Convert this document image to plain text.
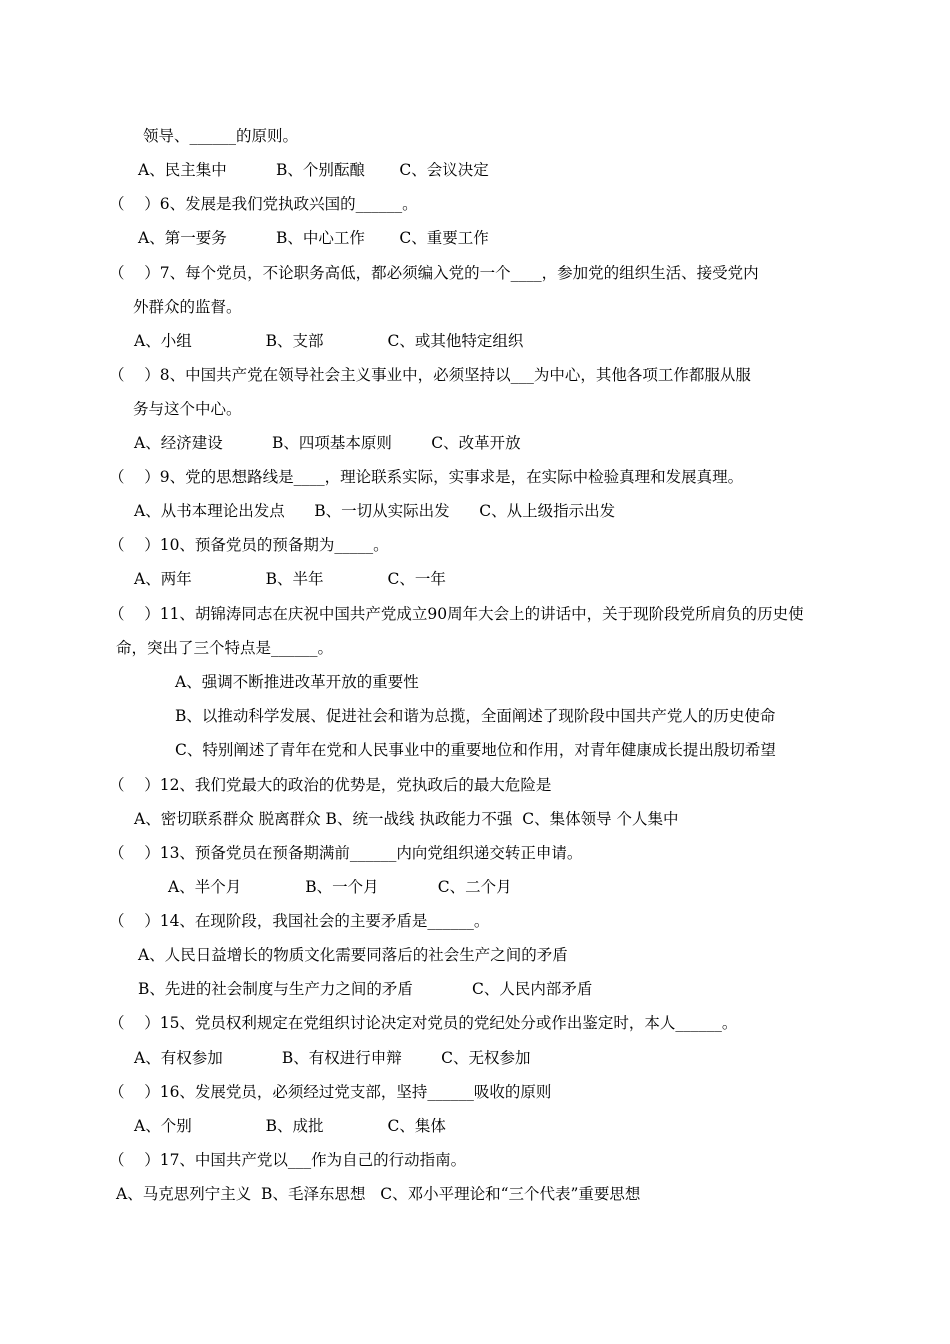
领导、______的原则。
A、民主集中          B、个别酝酿       C、会议决定
（    ）6、发展是我们党执政兴国的______。
A、第一要务          B、中心工作       C、重要工作
（    ）7、每个党员，不论职务高低，都必须编入党的一个____，参加党的组织生活、接受党内
外群众的监督。
A、小组               B、支部             C、或其他特定组织
（    ）8、中国共产党在领导社会主义事业中，必须坚持以___为中心，其他各项工作都服从服
务与这个中心。
A、经济建设          B、四项基本原则        C、改革开放
（    ）9、党的思想路线是____，理论联系实际，实事求是，在实际中检验真理和发展真理。
A、从书本理论出发点      B、一切从实际出发      C、从上级指示出发
（    ）10、预备党员的预备期为_____。
A、两年               B、半年             C、一年
（    ）11、胡锦涛同志在庆祝中国共产党成立90周年大会上的讲话中，关于现阶段党所肩负的历史使
命，突出了三个特点是______。
A、强调不断推进改革开放的重要性
B、以推动科学发展、促进社会和谐为总揽，全面阐述了现阶段中国共产党人的历史使命
C、特别阐述了青年在党和人民事业中的重要地位和作用，对青年健康成长提出殷切希望
（    ）12、我们党最大的政治的优势是，党执政后的最大危险是
A、密切联系群众 脱离群众 B、统一战线 执政能力不强  C、集体领导 个人集中
（    ）13、预备党员在预备期满前______内向党组织递交转正申请。
A、半个月             B、一个月            C、二个月
（    ）14、在现阶段，我国社会的主要矛盾是______。
A、人民日益增长的物质文化需要同落后的社会生产之间的矛盾
B、先进的社会制度与生产力之间的矛盾            C、人民内部矛盾
（    ）15、党员权利规定在党组织讨论决定对党员的党纪处分或作出鉴定时，本人______。
A、有权参加            B、有权进行申辩        C、无权参加
（    ）16、发展党员，必须经过党支部，坚持______吸收的原则
A、个别               B、成批             C、集体
（    ）17、中国共产党以___作为自己的行动指南。
A、马克思列宁主义  B、毛泽东思想   C、邓小平理论和“三个代表”重要思想
